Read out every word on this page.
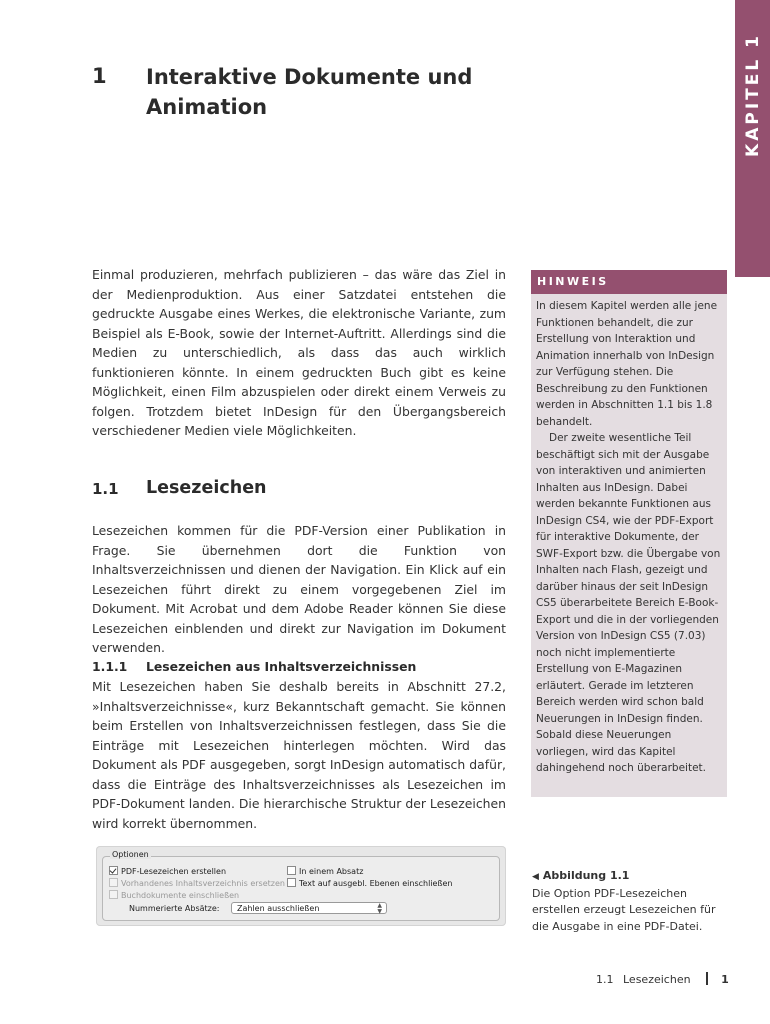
KAPITEL 1
1 Interaktive Dokumente und
Animation
Einmal produzieren, mehrfach publizieren – das wäre das Ziel in der Medienproduktion. Aus einer Satzdatei entstehen die gedruckte Ausgabe eines Werkes, die elektronische Variante, zum Beispiel als E-Book, sowie der Internet-Auftritt. Allerdings sind die Medien zu unterschiedlich, als dass das auch wirklich funktionieren könnte. In einem gedruckten Buch gibt es keine Möglichkeit, einen Film abzuspielen oder direkt einem Verweis zu folgen. Trotzdem bietet InDesign für den Übergangsbereich verschiedener Medien viele Möglichkeiten.
1.1 Lesezeichen
Lesezeichen kommen für die PDF-Version einer Publikation in Frage. Sie übernehmen dort die Funktion von Inhaltsverzeichnissen und dienen der Navigation. Ein Klick auf ein Lesezeichen führt direkt zu einem vorgegebenen Ziel im Dokument. Mit Acrobat und dem Adobe Reader können Sie diese Lesezeichen einblenden und direkt zur Navigation im Dokument verwenden.
1.1.1 Lesezeichen aus Inhaltsverzeichnissen
Mit Lesezeichen haben Sie deshalb bereits in Abschnitt 27.2, »Inhaltsverzeichnisse«, kurz Bekanntschaft gemacht. Sie können beim Erstellen von Inhaltsverzeichnissen festlegen, dass Sie die Einträge mit Lesezeichen hinterlegen möchten. Wird das Dokument als PDF ausgegeben, sorgt InDesign automatisch dafür, dass die Einträge des Inhaltsverzeichnisses als Lesezeichen im PDF-Dokument landen. Die hierarchische Struktur der Lesezeichen wird korrekt übernommen.
HINWEIS

In diesem Kapitel werden alle jene Funktionen behandelt, die zur Erstellung von Interaktion und Animation innerhalb von InDesign zur Verfügung stehen. Die Beschreibung zu den Funktionen werden in Abschnitten 1.1 bis 1.8 behandelt.

Der zweite wesentliche Teil beschäftigt sich mit der Ausgabe von interaktiven und animierten Inhalten aus InDesign. Dabei werden bekannte Funktionen aus InDesign CS4, wie der PDF-Export für interaktive Dokumente, der SWF-Export bzw. die Übergabe von Inhalten nach Flash, gezeigt und darüber hinaus der seit InDesign CS5 überarbeitete Bereich E-Book-Export und die in der vorliegenden Version von InDesign CS5 (7.03) noch nicht implementierte Erstellung von E-Magazinen erläutert. Gerade im letzteren Bereich werden wird schon bald Neuerungen in InDesign finden. Sobald diese Neuerungen vorliegen, wird das Kapitel dahingehend noch überarbeitet.

PDF-Lesezeichen erstellen	In einem Absatz
Vorhandenes Inhaltsverzeichnis ersetzen	Text auf ausgebl. Ebenen einschließen
Buchdokumente einschließen
Nummerierte Absätze:	Zahlen ausschließen	▲
▼
Optionen
◀ Abbildung 1.1
Die Option PDF-Lesezeichen erstellen erzeugt Lesezeichen für die Ausgabe in eine PDF-Datei.
1.1 Lesezeichen	1
